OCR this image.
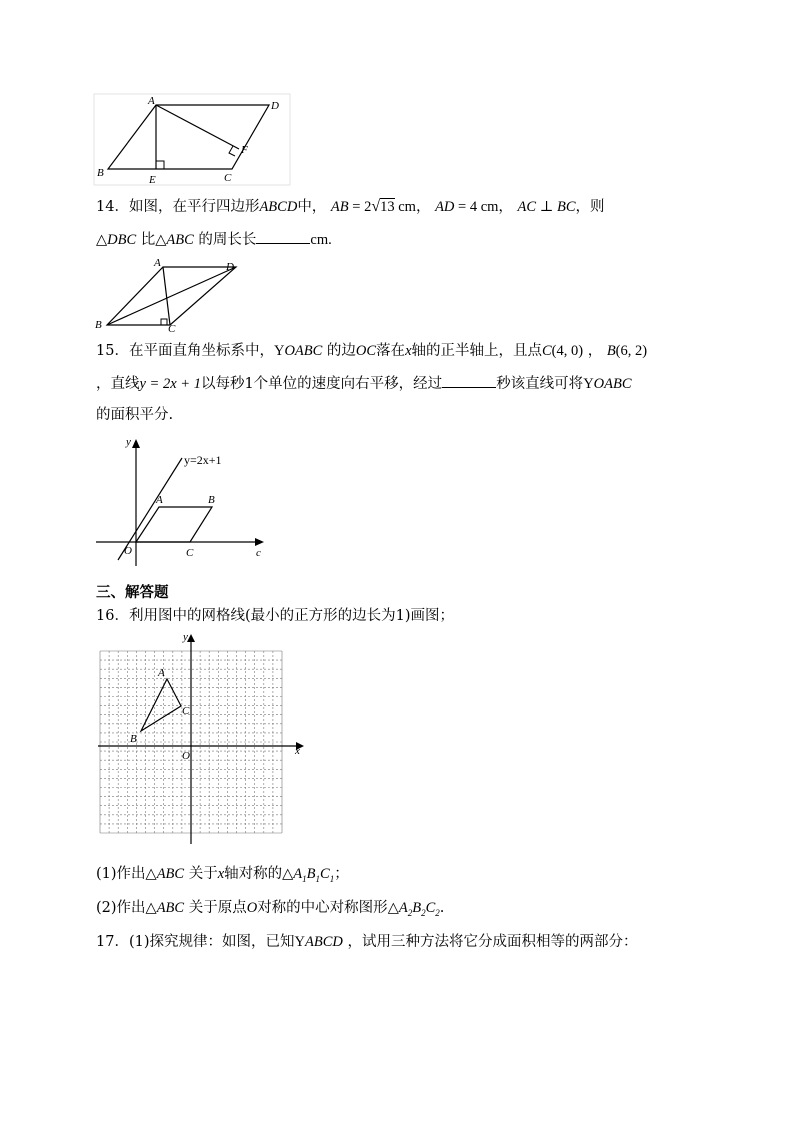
A	D
B
E	C
F
14．如图，在平行四边形ABCD中， AB = 2√13 cm， AD = 4 cm， AC ⊥ BC，则
△DBC 比△ABC 的周长长	cm.
A	D
B	C
15．在平面直角坐标系中，YOABC 的边OC落在x轴的正半轴上，且点C(4, 0) ， B(6, 2)
，直线y = 2x + 1以每秒1个单位的速度向右平移，经过	秒该直线可将YOABC
的面积平分.
y
y=2x+1
A	B
O	C	c
三、解答题
16．利用图中的网格线(最小的正方形的边长为1)画图；
y
x
A
C
B
O
(1)作出△ABC 关于x轴对称的$\triangle A_1B_1C_1$；
(2)作出△ABC 关于原点O对称的中心对称图形$\triangle A_2B_2C_2$.
17．(1)探究规律：如图，已知YABCD ，试用三种方法将它分成面积相等的两部分：
